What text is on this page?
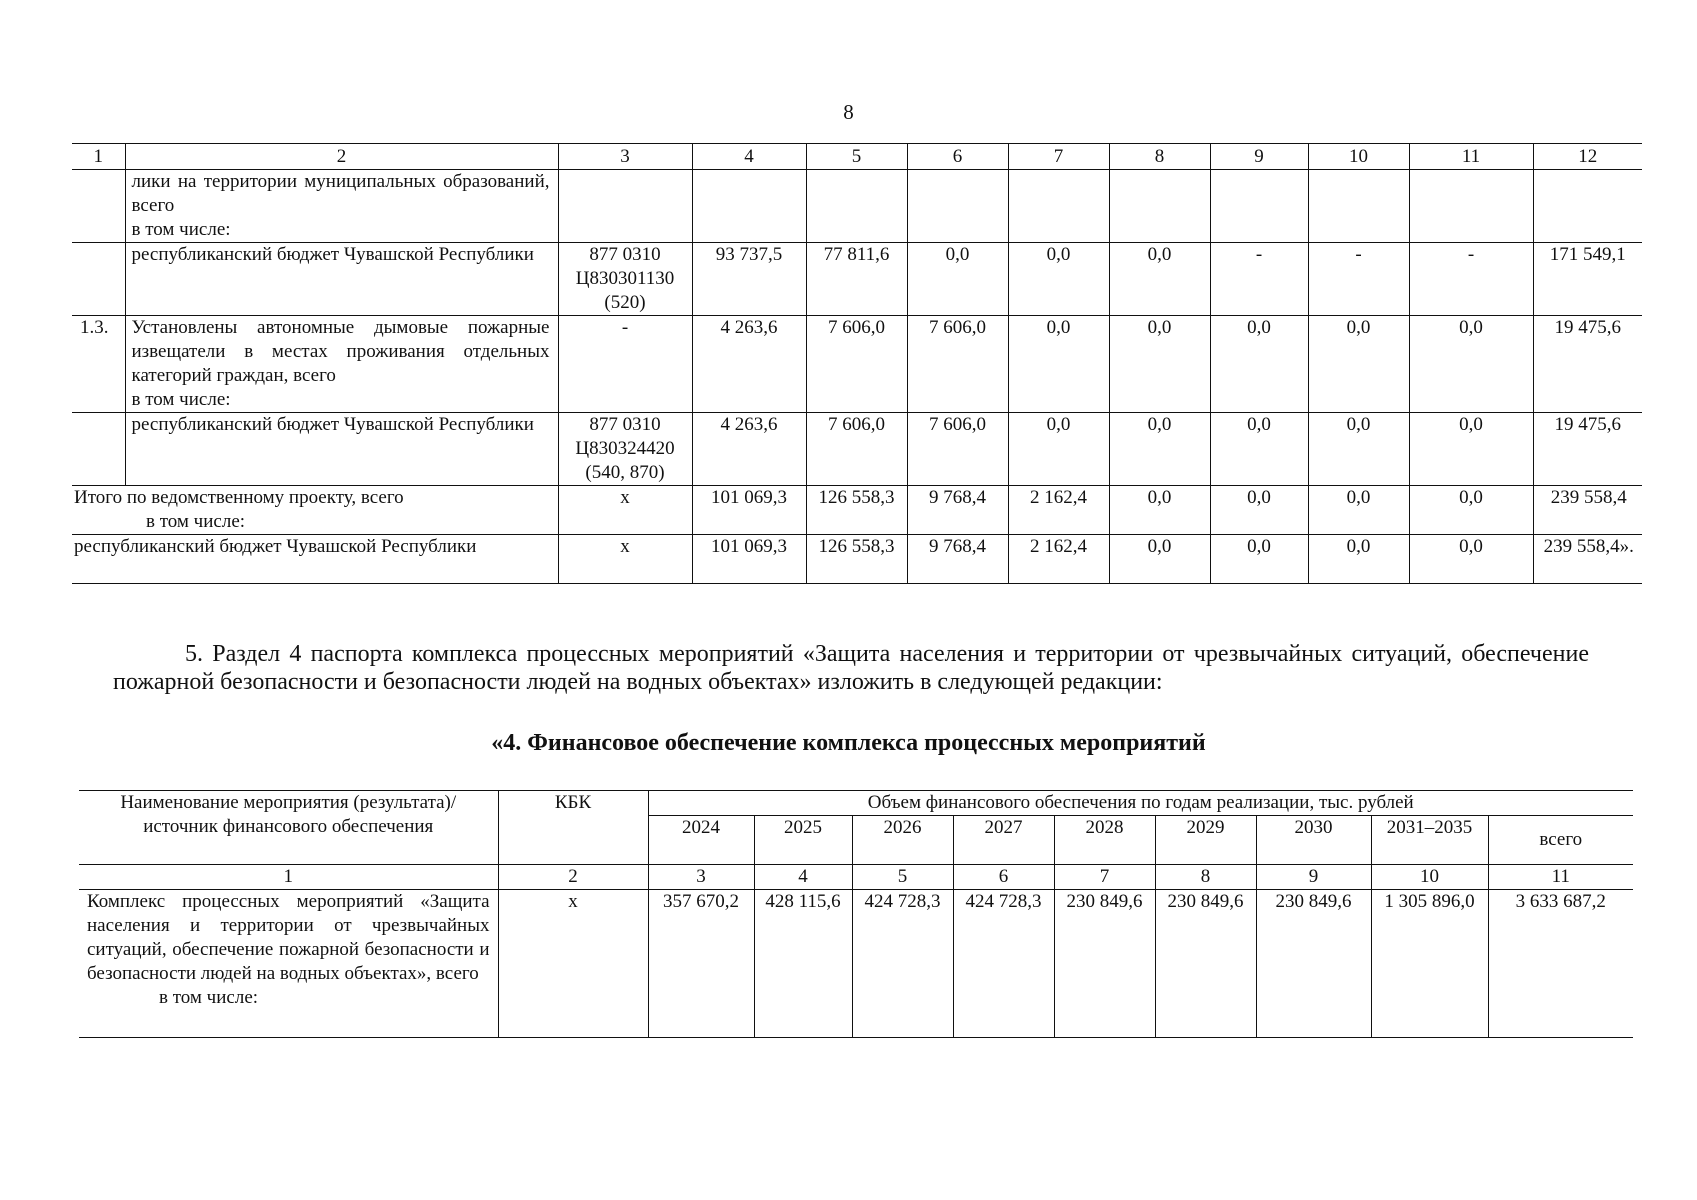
8
1	2	3	4	5	6	7	8	9	10	11	12
	лики на территории муниципальных образований, всего
в том числе:										
	республиканский бюджет Чувашской Республики	877 0310
Ц830301130
(520)	93 737,5	77 811,6	0,0	0,0	0,0	-	-	-	171 549,1
1.3.	Установлены автономные дымовые пожарные извещатели в местах проживания отдельных категорий граждан, всего
в том числе:	-	4 263,6	7 606,0	7 606,0	0,0	0,0	0,0	0,0	0,0	19 475,6
	республиканский бюджет Чувашской Республики	877 0310
Ц830324420
(540, 870)	4 263,6	7 606,0	7 606,0	0,0	0,0	0,0	0,0	0,0	19 475,6
Итого по ведомственному проекту, всего
в том числе:		x	101 069,3	126 558,3	9 768,4	2 162,4	0,0	0,0	0,0	0,0	239 558,4
республиканский бюджет Чувашской Республики		x	101 069,3	126 558,3	9 768,4	2 162,4	0,0	0,0	0,0	0,0	239 558,4».
5. Раздел 4 паспорта комплекса процессных мероприятий «Защита населения и территории от чрезвычайных ситуаций, обеспечение пожарной безопасности и безопасности людей на водных объектах» изложить в следующей редакции:
«4. Финансовое обеспечение комплекса процессных мероприятий
Наименование мероприятия (результата)/источник финансового обеспечения	КБК	Объем финансового обеспечения по годам реализации, тыс. рублей								
		2024	2025	2026	2027	2028	2029	2030	2031–2035	всего
1	2	3	4	5	6	7	8	9	10	11
Комплекс процессных мероприятий «Защита населения и территории от чрезвычайных ситуаций, обеспечение пожарной безопасности и безопасности людей на водных объектах», всего
в том числе:	x	357 670,2	428 115,6	424 728,3	424 728,3	230 849,6	230 849,6	230 849,6	1 305 896,0	3 633 687,2
